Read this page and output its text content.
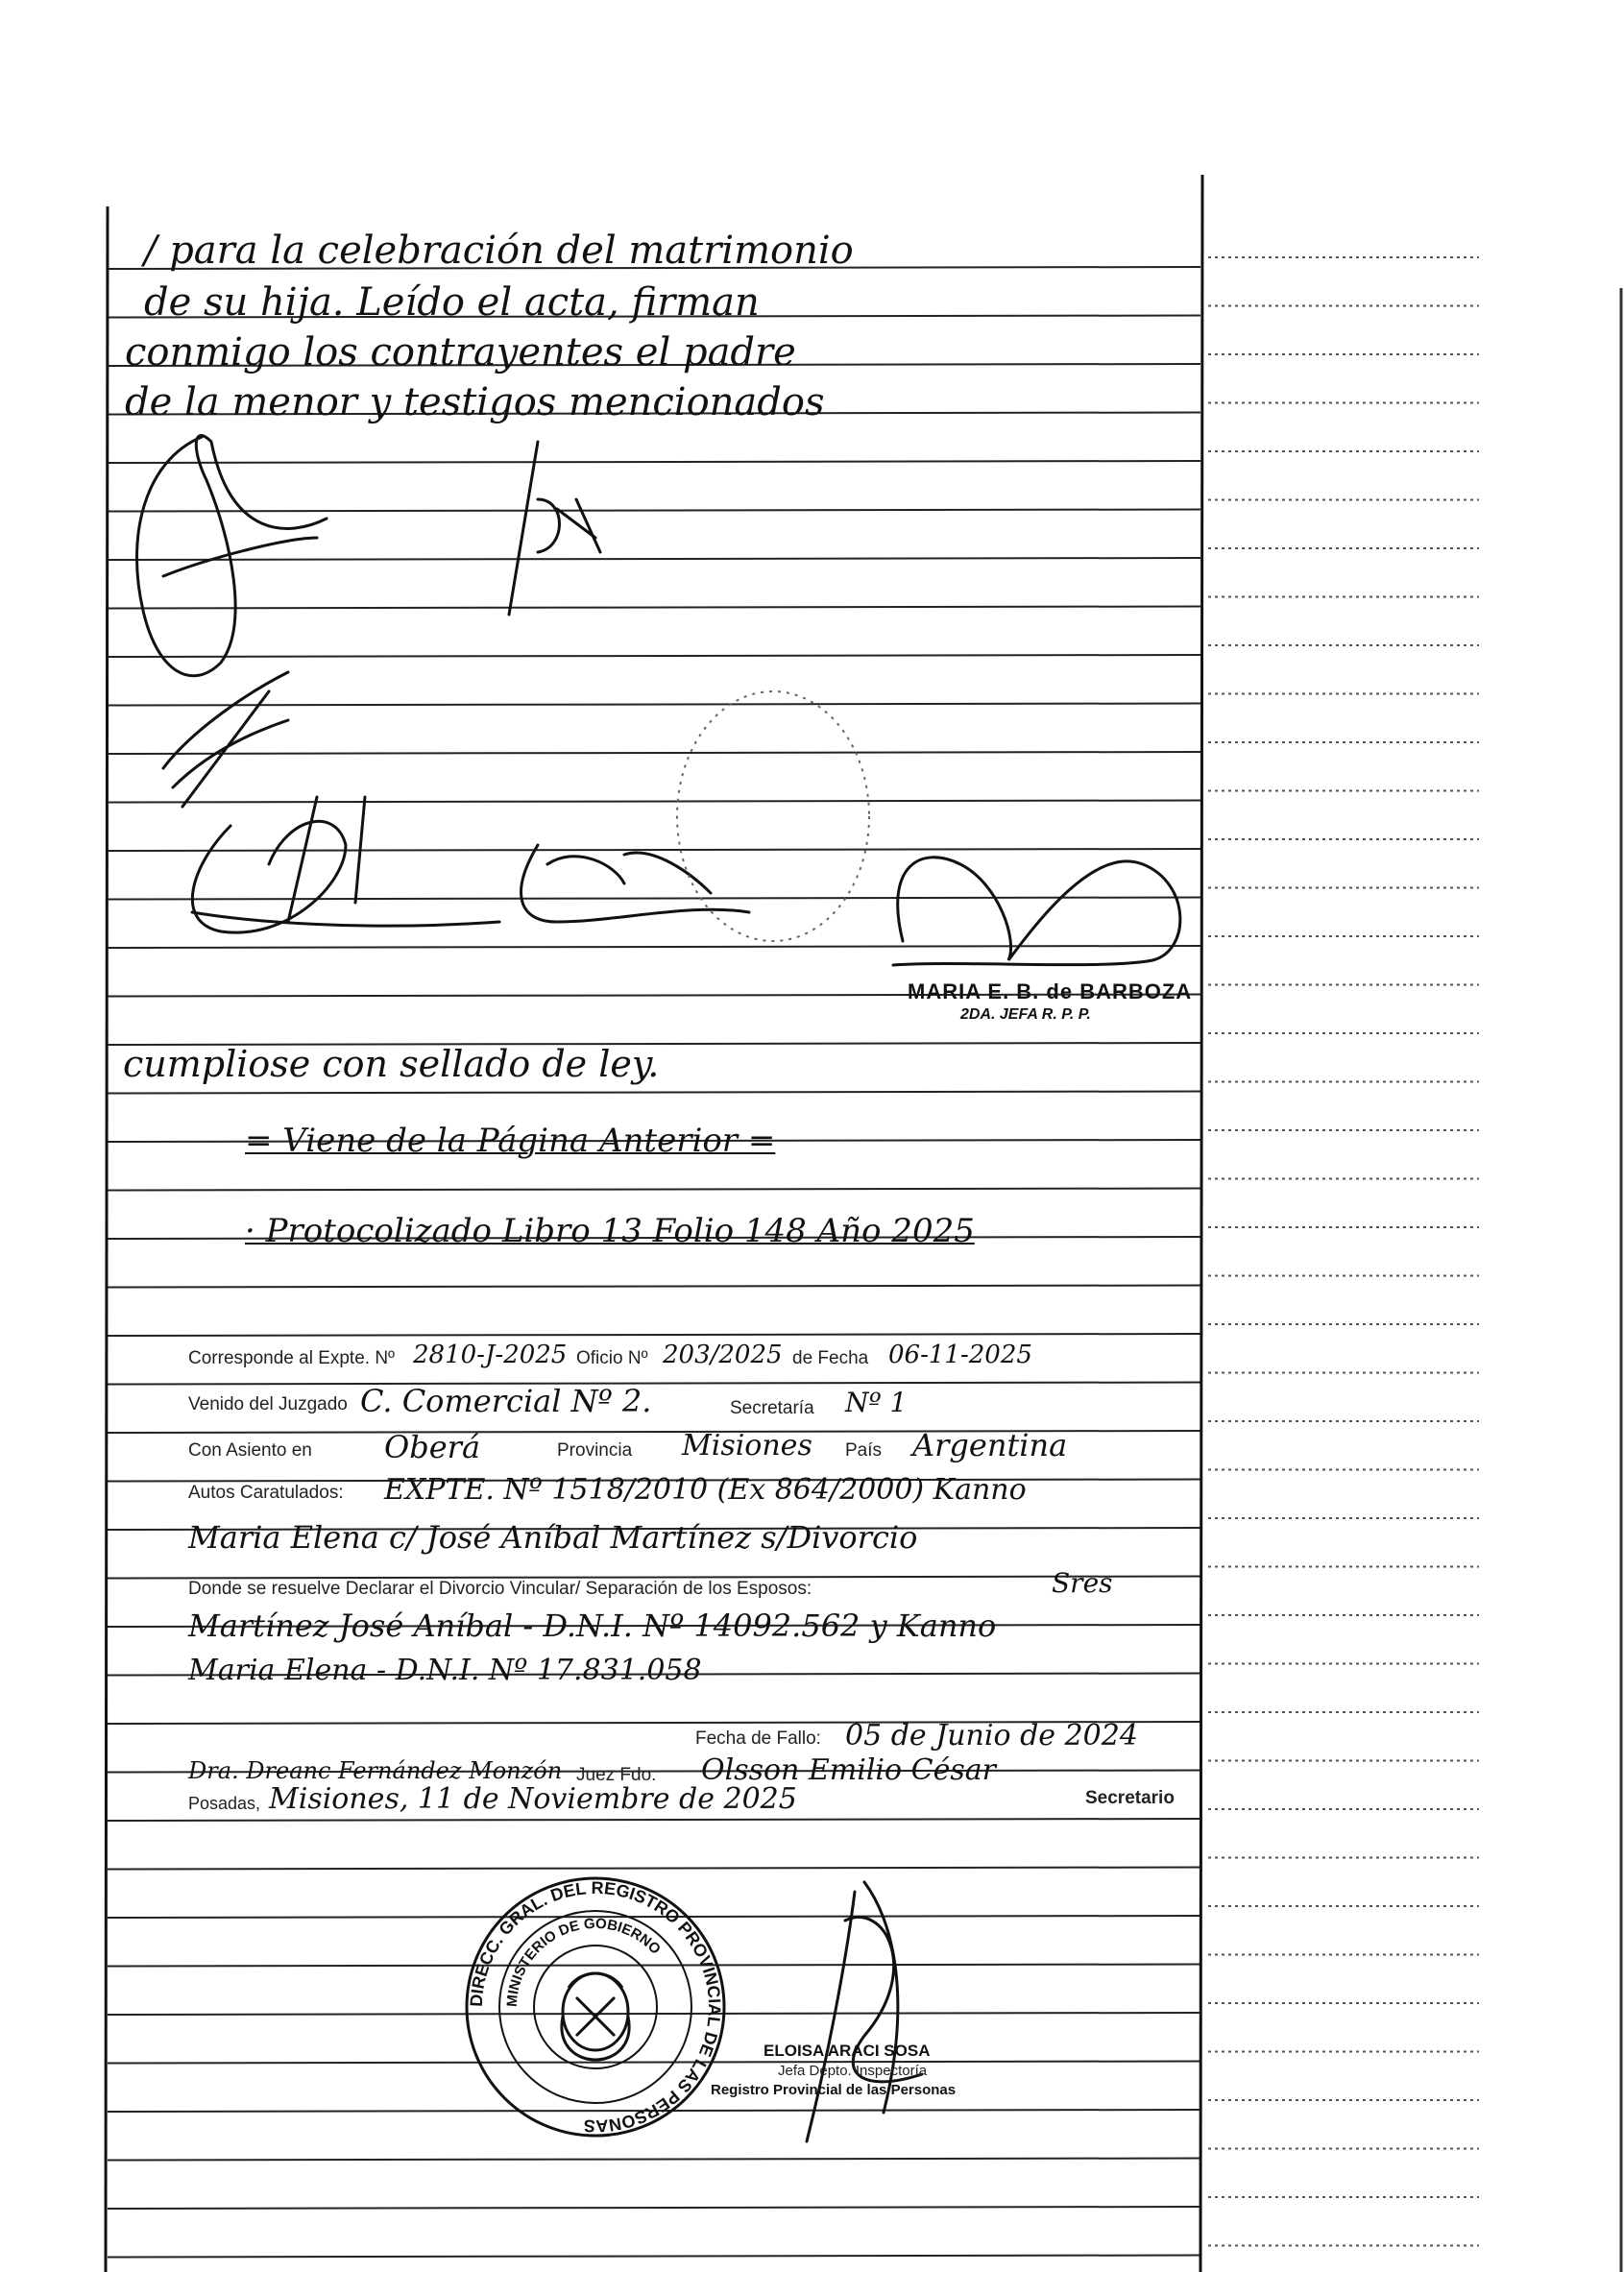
/ para la celebración del matrimonio
de su hija. Leído el acta, firman
conmigo los contrayentes el padre
de la menor y testigos mencionados
MARIA E. B. de BARBOZA
2DA. JEFA R. P. P.
cumpliose con sellado de ley.
= Viene de la Página Anterior =
· Protocolizado Libro 13 Folio 148 Año 2025
Corresponde al Expte. Nº 2810-J-2025 Oficio Nº 203/2025 de Fecha 06-11-2025
Venido del Juzgado C. Comercial Nº 2.	Secretaría Nº 1
Con Asiento en Oberá	Provincia Misiones País Argentina
Autos Caratulados: EXPTE. Nº 1518/2010 (Ex 864/2000) Kanno
Maria Elena c/ José Aníbal Martínez s/Divorcio
Donde se resuelve Declarar el Divorcio Vincular/ Separación de los Esposos:	Sres
Martínez José Aníbal - D.N.I. Nº 14092.562 y Kanno
Maria Elena - D.N.I. Nº 17.831.058
Fecha de Fallo: 05 de Junio de 2024
Dra. Dreanc Fernández Monzón Juez Fdo: Olsson Emilio César
Secretario
Posadas, Misiones, 11 de Noviembre de 2025
DIRECC. GRAL. DEL REGISTRO PROVINCIAL DE LAS PERSONAS
MINISTERIO DE GOBIERNO
ELOISA ARACI SOSA
Jefa Depto. Inspectoría
Registro Provincial de las Personas
